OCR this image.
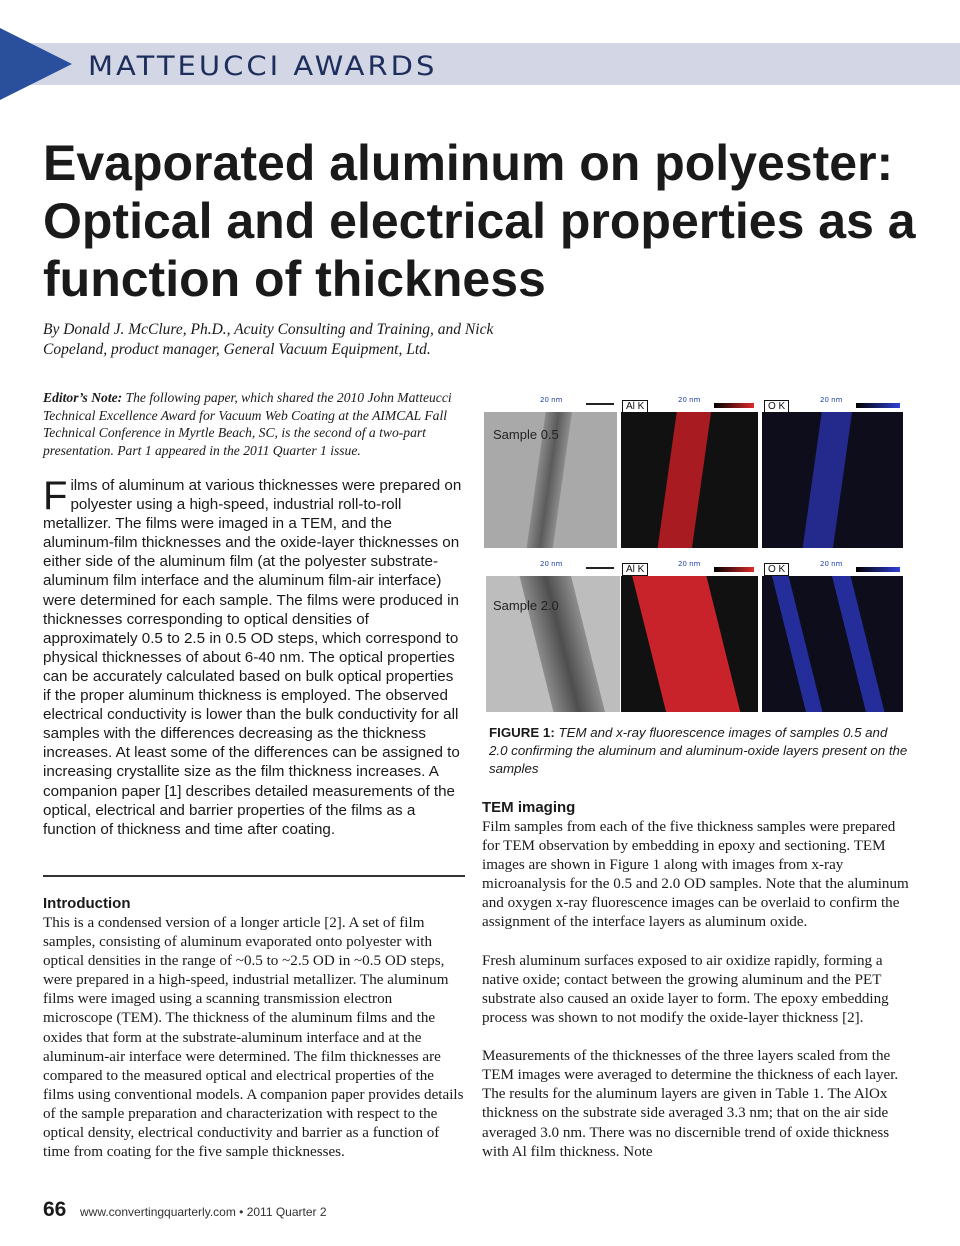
MATTEUCCI AWARDS
Evaporated aluminum on polyester: Optical and electrical properties as a function of thickness

By Donald J. McClure, Ph.D., Acuity Consulting and Training, and Nick Copeland, product manager, General Vacuum Equipment, Ltd.

Editor’s Note: The following paper, which shared the 2010 John Matteucci Technical Excellence Award for Vacuum Web Coating at the AIMCAL Fall Technical Conference in Myrtle Beach, SC, is the second of a two-part presentation. Part 1 appeared in the 2011 Quarter 1 issue.

Films of aluminum at various thicknesses were prepared on polyester using a high-speed, industrial roll-to-roll metallizer. The films were imaged in a TEM, and the aluminum-film thicknesses and the oxide-layer thicknesses on either side of the aluminum film (at the polyester substrate-aluminum film interface and the aluminum film-air interface) were determined for each sample. The films were produced in thicknesses corresponding to optical densities of approximately 0.5 to 2.5 in 0.5 OD steps, which correspond to physical thicknesses of about 6-40 nm. The optical properties can be accurately calculated based on bulk optical properties if the proper aluminum thickness is employed. The observed electrical conductivity is lower than the bulk conductivity for all samples with the differences decreasing as the thickness increases. At least some of the differences can be assigned to increasing crystallite size as the film thickness increases. A companion paper [1] describes detailed measurements of the optical, electrical and barrier properties of the films as a function of thickness and time after coating.
Introduction

This is a condensed version of a longer article [2]. A set of film samples, consisting of aluminum evaporated onto polyester with optical densities in the range of ~0.5 to ~2.5 OD in ~0.5 OD steps, were prepared in a high-speed, industrial metallizer. The aluminum films were imaged using a scanning transmission electron microscope (TEM). The thickness of the aluminum films and the oxides that form at the substrate-aluminum interface and at the aluminum-air interface were determined. The film thicknesses are compared to the measured optical and electrical properties of the films using conventional models. A companion paper provides details of the sample preparation and characterization with respect to the optical density, electrical conductivity and barrier as a function of time from coating for the five sample thicknesses.

Sample 0.5
20 nm
Al K
20 nm
O K
20 nm
Sample 2.0
20 nm	Al K	20 nm	O K	20 nm

FIGURE 1: TEM and x-ray fluorescence images of samples 0.5 and 2.0 confirming the aluminum and aluminum-oxide layers present on the samples

TEM imaging

Film samples from each of the five thickness samples were prepared for TEM observation by embedding in epoxy and sectioning. TEM images are shown in Figure 1 along with images from x-ray microanalysis for the 0.5 and 2.0 OD samples. Note that the aluminum and oxygen x-ray fluorescence images can be overlaid to confirm the assignment of the interface layers as aluminum oxide.

Fresh aluminum surfaces exposed to air oxidize rapidly, forming a native oxide; contact between the growing aluminum and the PET substrate also caused an oxide layer to form. The epoxy embedding process was shown to not modify the oxide-layer thickness [2].

Measurements of the thicknesses of the three layers scaled from the TEM images were averaged to determine the thickness of each layer. The results for the aluminum layers are given in Table 1. The AlOx thickness on the substrate side averaged 3.3 nm; that on the air side averaged 3.0 nm. There was no discernible trend of oxide thickness with Al film thickness. Note

66 www.convertingquarterly.com • 2011 Quarter 2
